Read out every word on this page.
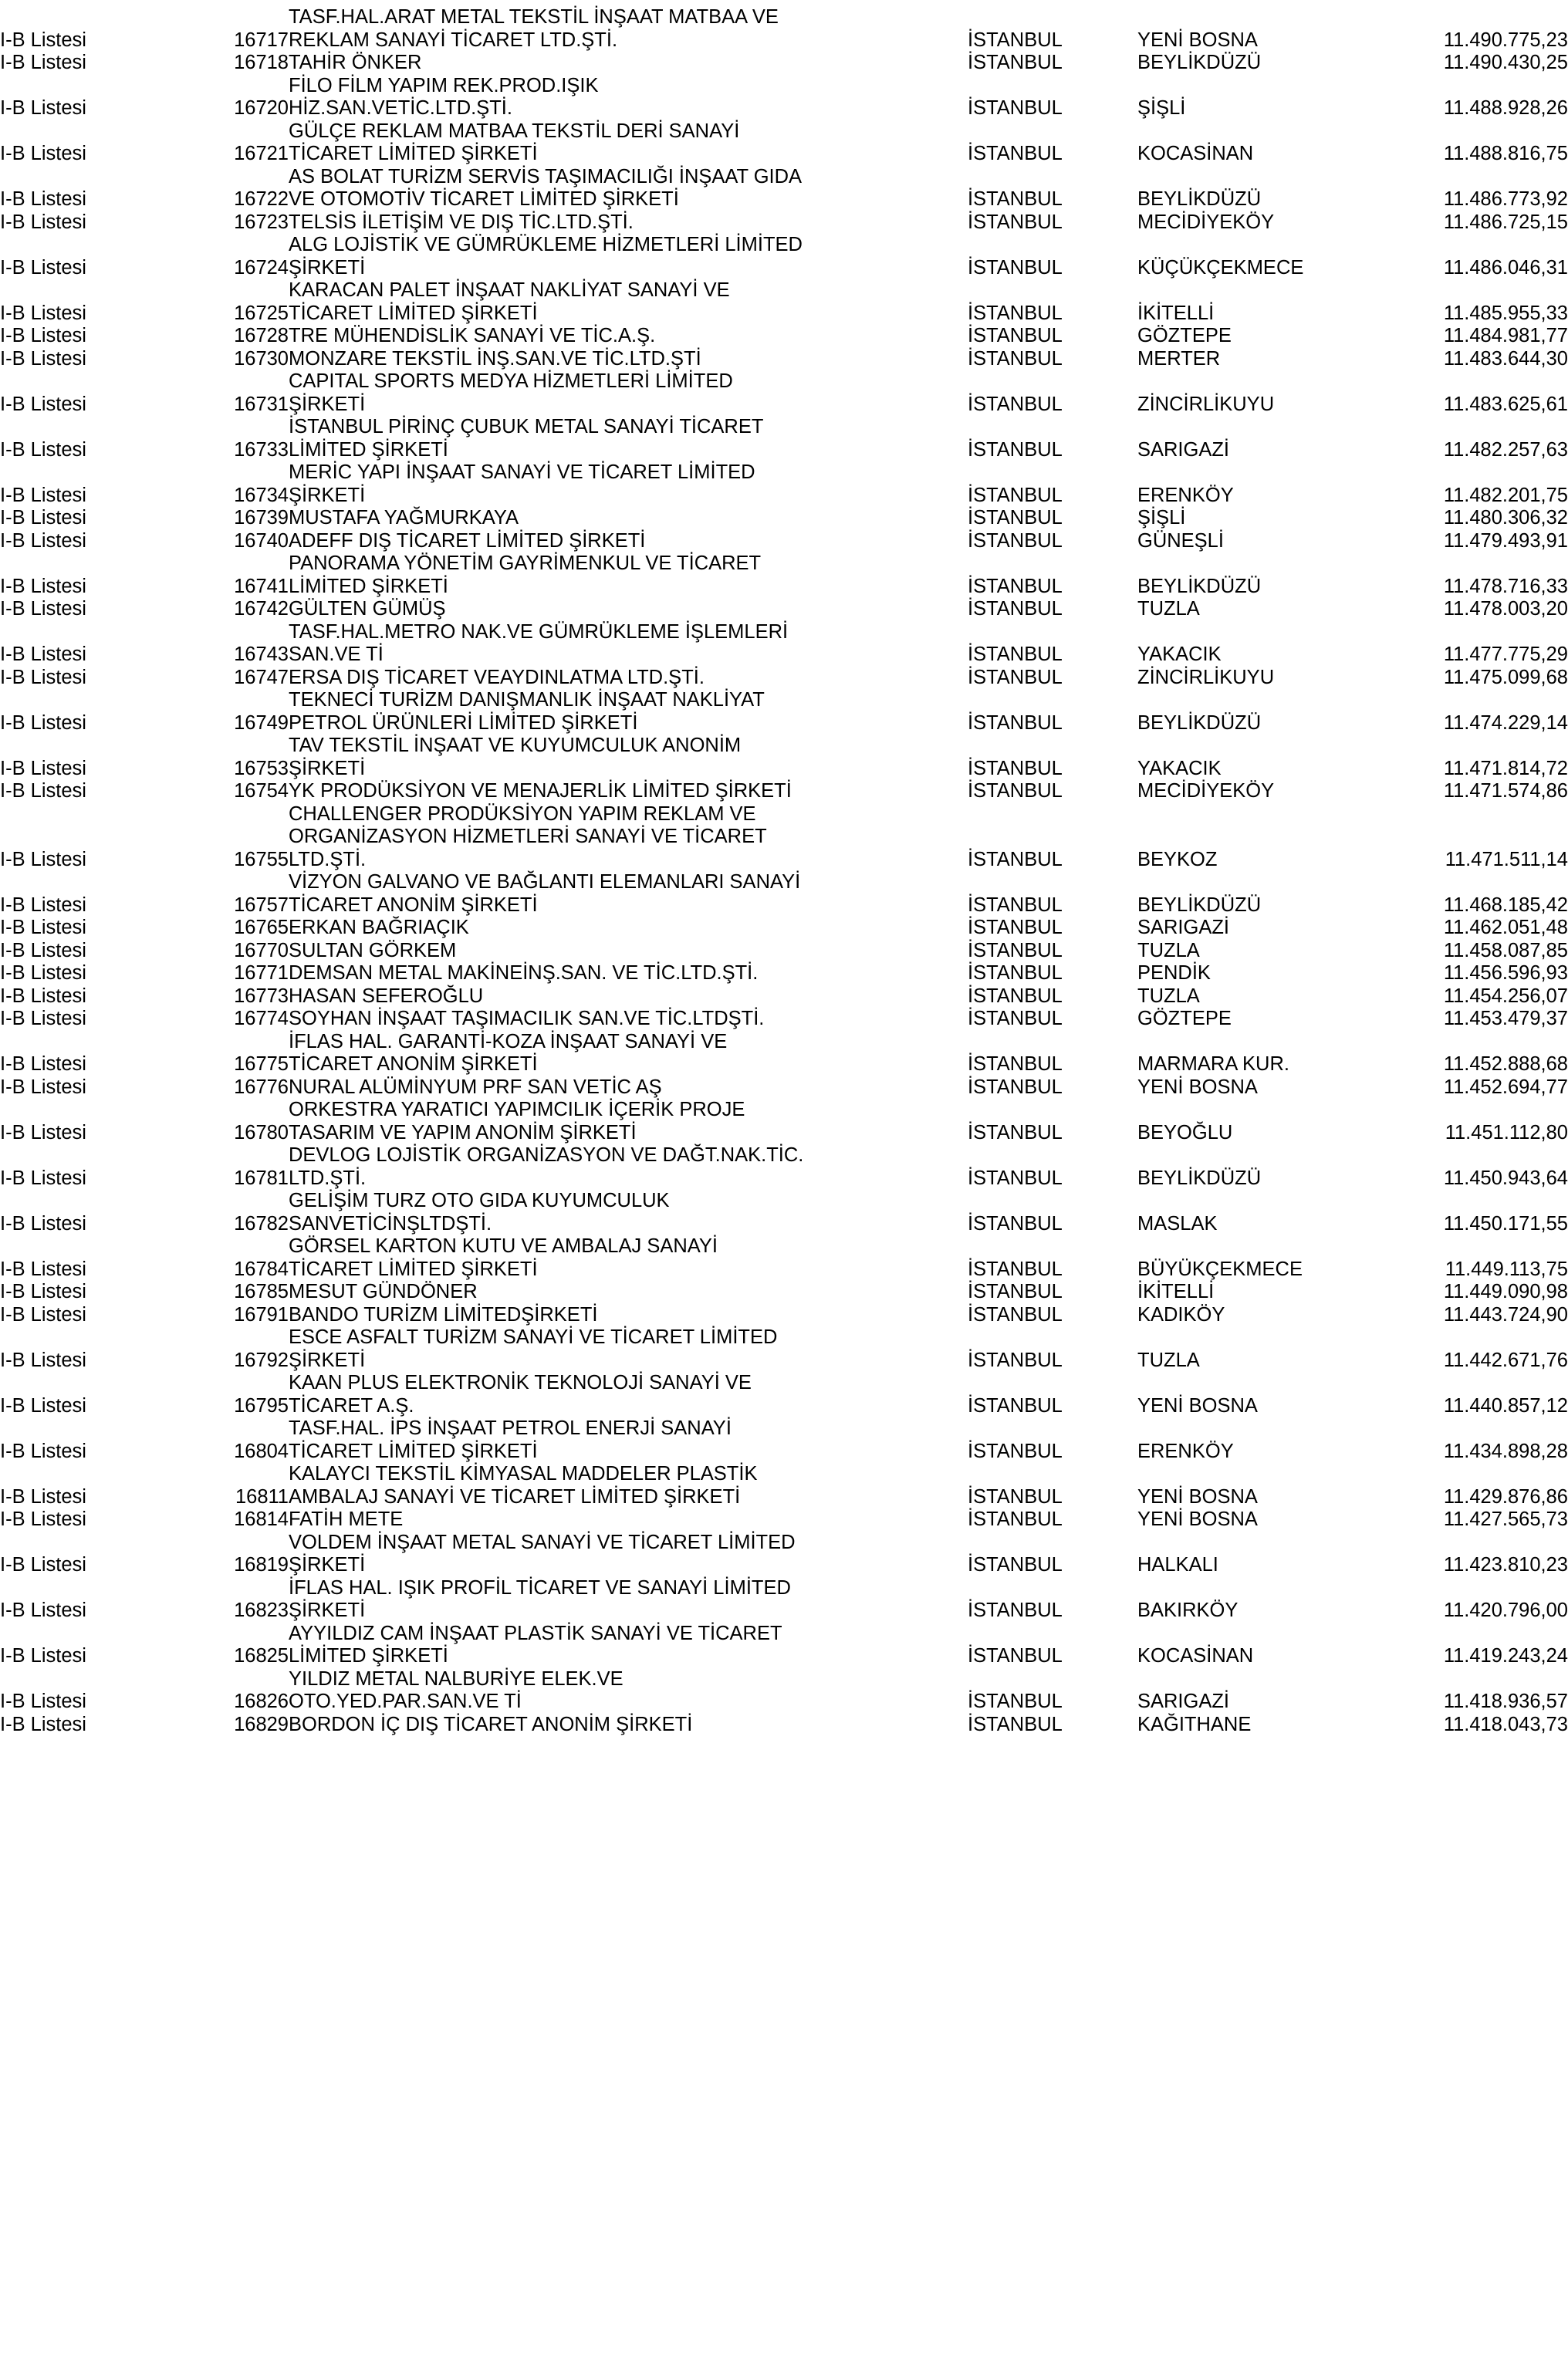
I-B Listesi		16717	TASF.HAL.ARAT METAL TEKSTİL İNŞAAT MATBAA VE
REKLAM SANAYİ TİCARET LTD.ŞTİ.	İSTANBUL	YENİ BOSNA	11.490.775,23

I-B Listesi		16718	TAHİR ÖNKER	İSTANBUL	BEYLİKDÜZÜ	11.490.430,25

I-B Listesi		16720	FİLO FİLM YAPIM REK.PROD.IŞIK
HİZ.SAN.VETİC.LTD.ŞTİ.	İSTANBUL	ŞİŞLİ	11.488.928,26

I-B Listesi		16721	GÜLÇE REKLAM MATBAA TEKSTİL DERİ SANAYİ
TİCARET LİMİTED ŞİRKETİ	İSTANBUL	KOCASİNAN	11.488.816,75

I-B Listesi		16722	AS BOLAT TURİZM SERVİS TAŞIMACILIĞI İNŞAAT GIDA
VE OTOMOTİV TİCARET LİMİTED ŞİRKETİ	İSTANBUL	BEYLİKDÜZÜ	11.486.773,92

I-B Listesi		16723	TELSİS İLETİŞİM VE DIŞ TİC.LTD.ŞTİ.	İSTANBUL	MECİDİYEKÖY	11.486.725,15

I-B Listesi		16724	ALG LOJİSTİK VE GÜMRÜKLEME HİZMETLERİ LİMİTED
ŞİRKETİ	İSTANBUL	KÜÇÜKÇEKMECE	11.486.046,31

I-B Listesi		16725	KARACAN PALET İNŞAAT NAKLİYAT SANAYİ VE
TİCARET LİMİTED ŞİRKETİ	İSTANBUL	İKİTELLİ	11.485.955,33

I-B Listesi		16728	TRE MÜHENDİSLİK SANAYİ VE TİC.A.Ş.	İSTANBUL	GÖZTEPE	11.484.981,77

I-B Listesi		16730	MONZARE TEKSTİL İNŞ.SAN.VE TİC.LTD.ŞTİ	İSTANBUL	MERTER	11.483.644,30

I-B Listesi		16731	CAPITAL SPORTS MEDYA HİZMETLERİ LİMİTED
ŞİRKETİ	İSTANBUL	ZİNCİRLİKUYU	11.483.625,61

I-B Listesi		16733	İSTANBUL PİRİNÇ ÇUBUK METAL SANAYİ TİCARET
LİMİTED ŞİRKETİ	İSTANBUL	SARIGAZİ	11.482.257,63

I-B Listesi		16734	MERİC YAPI İNŞAAT SANAYİ VE TİCARET LİMİTED
ŞİRKETİ	İSTANBUL	ERENKÖY	11.482.201,75

I-B Listesi		16739	MUSTAFA YAĞMURKAYA	İSTANBUL	ŞİŞLİ	11.480.306,32

I-B Listesi		16740	ADEFF DIŞ TİCARET LİMİTED ŞİRKETİ	İSTANBUL	GÜNEŞLİ	11.479.493,91

I-B Listesi		16741	PANORAMA YÖNETİM GAYRİMENKUL VE TİCARET
LİMİTED ŞİRKETİ	İSTANBUL	BEYLİKDÜZÜ	11.478.716,33

I-B Listesi		16742	GÜLTEN GÜMÜŞ	İSTANBUL	TUZLA	11.478.003,20

I-B Listesi		16743	TASF.HAL.METRO NAK.VE GÜMRÜKLEME İŞLEMLERİ
SAN.VE Tİ	İSTANBUL	YAKACIK	11.477.775,29

I-B Listesi		16747	ERSA DIŞ TİCARET VEAYDINLATMA LTD.ŞTİ.	İSTANBUL	ZİNCİRLİKUYU	11.475.099,68

I-B Listesi		16749	TEKNECİ TURİZM DANIŞMANLIK İNŞAAT NAKLİYAT
PETROL ÜRÜNLERİ LİMİTED ŞİRKETİ	İSTANBUL	BEYLİKDÜZÜ	11.474.229,14

I-B Listesi		16753	TAV TEKSTİL İNŞAAT VE KUYUMCULUK ANONİM
ŞİRKETİ	İSTANBUL	YAKACIK	11.471.814,72

I-B Listesi		16754	YK PRODÜKSİYON VE MENAJERLİK LİMİTED ŞİRKETİ	İSTANBUL	MECİDİYEKÖY	11.471.574,86

I-B Listesi		16755	CHALLENGER PRODÜKSİYON YAPIM REKLAM VE
ORGANİZASYON HİZMETLERİ SANAYİ VE TİCARET
LTD.ŞTİ.	İSTANBUL	BEYKOZ	11.471.511,14

I-B Listesi		16757	VİZYON GALVANO VE BAĞLANTI ELEMANLARI SANAYİ
TİCARET ANONİM ŞİRKETİ	İSTANBUL	BEYLİKDÜZÜ	11.468.185,42

I-B Listesi		16765	ERKAN BAĞRIAÇIK	İSTANBUL	SARIGAZİ	11.462.051,48

I-B Listesi		16770	SULTAN GÖRKEM	İSTANBUL	TUZLA	11.458.087,85

I-B Listesi		16771	DEMSAN METAL MAKİNEİNŞ.SAN. VE TİC.LTD.ŞTİ.	İSTANBUL	PENDİK	11.456.596,93

I-B Listesi		16773	HASAN SEFEROĞLU	İSTANBUL	TUZLA	11.454.256,07

I-B Listesi		16774	SOYHAN İNŞAAT TAŞIMACILIK SAN.VE TİC.LTDŞTİ.	İSTANBUL	GÖZTEPE	11.453.479,37

I-B Listesi		16775	İFLAS HAL. GARANTİ-KOZA İNŞAAT SANAYİ VE
TİCARET ANONİM ŞİRKETİ	İSTANBUL	MARMARA KUR.	11.452.888,68

I-B Listesi		16776	NURAL ALÜMİNYUM PRF SAN VETİC AŞ	İSTANBUL	YENİ BOSNA	11.452.694,77

I-B Listesi		16780	ORKESTRA YARATICI YAPIMCILIK İÇERİK PROJE
TASARIM VE YAPIM ANONİM ŞİRKETİ	İSTANBUL	BEYOĞLU	11.451.112,80

I-B Listesi		16781	DEVLOG LOJİSTİK ORGANİZASYON VE DAĞT.NAK.TİC.
LTD.ŞTİ.	İSTANBUL	BEYLİKDÜZÜ	11.450.943,64

I-B Listesi		16782	GELİŞİM TURZ OTO GIDA KUYUMCULUK
SANVETİCİNŞLTDŞTİ.	İSTANBUL	MASLAK	11.450.171,55

I-B Listesi		16784	GÖRSEL KARTON KUTU VE AMBALAJ SANAYİ
TİCARET LİMİTED ŞİRKETİ	İSTANBUL	BÜYÜKÇEKMECE	11.449.113,75

I-B Listesi		16785	MESUT GÜNDÖNER	İSTANBUL	İKİTELLİ	11.449.090,98

I-B Listesi		16791	BANDO TURİZM LİMİTEDŞİRKETİ	İSTANBUL	KADIKÖY	11.443.724,90

I-B Listesi		16792	ESCE ASFALT TURİZM SANAYİ VE TİCARET LİMİTED
ŞİRKETİ	İSTANBUL	TUZLA	11.442.671,76

I-B Listesi		16795	KAAN PLUS ELEKTRONİK TEKNOLOJİ SANAYİ VE
TİCARET A.Ş.	İSTANBUL	YENİ BOSNA	11.440.857,12

I-B Listesi		16804	TASF.HAL. İPS İNŞAAT PETROL ENERJİ SANAYİ
TİCARET LİMİTED ŞİRKETİ	İSTANBUL	ERENKÖY	11.434.898,28

I-B Listesi		16811	KALAYCI TEKSTİL KİMYASAL MADDELER PLASTİK
AMBALAJ SANAYİ VE TİCARET LİMİTED ŞİRKETİ	İSTANBUL	YENİ BOSNA	11.429.876,86

I-B Listesi		16814	FATİH METE	İSTANBUL	YENİ BOSNA	11.427.565,73

I-B Listesi		16819	VOLDEM İNŞAAT METAL SANAYİ VE TİCARET LİMİTED
ŞİRKETİ	İSTANBUL	HALKALI	11.423.810,23

I-B Listesi		16823	İFLAS HAL. IŞIK PROFİL TİCARET VE SANAYİ LİMİTED
ŞİRKETİ	İSTANBUL	BAKIRKÖY	11.420.796,00

I-B Listesi		16825	AYYILDIZ CAM İNŞAAT PLASTİK SANAYİ VE TİCARET
LİMİTED ŞİRKETİ	İSTANBUL	KOCASİNAN	11.419.243,24

I-B Listesi		16826	YILDIZ METAL NALBURİYE ELEK.VE
OTO.YED.PAR.SAN.VE Tİ	İSTANBUL	SARIGAZİ	11.418.936,57

I-B Listesi		16829	BORDON İÇ DIŞ TİCARET ANONİM ŞİRKETİ	İSTANBUL	KAĞITHANE	11.418.043,73
